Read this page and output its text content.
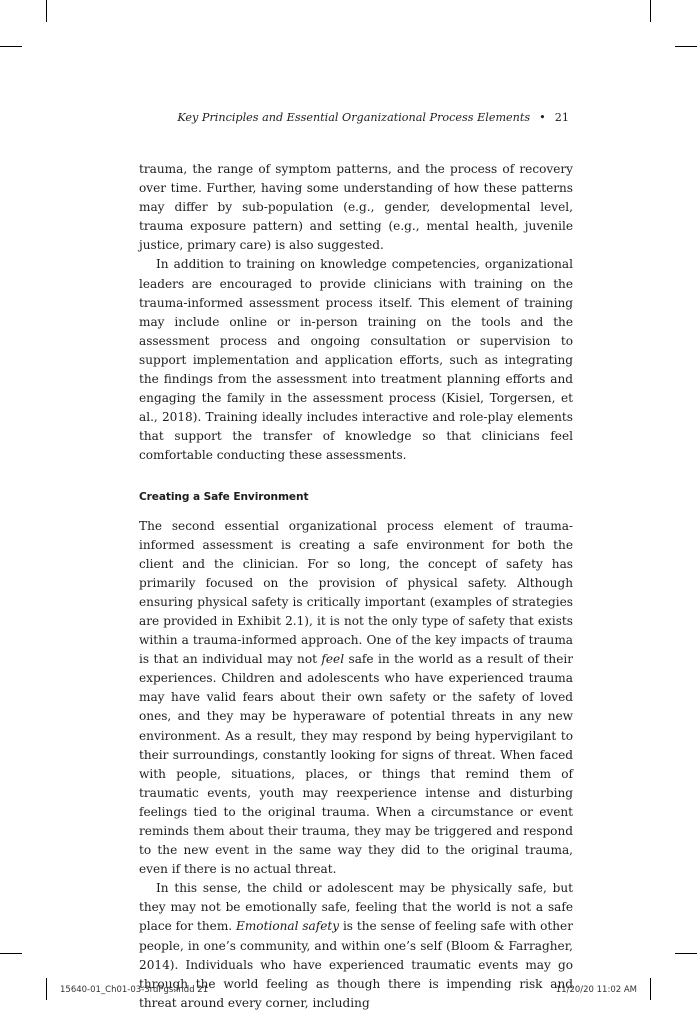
Key Principles and Essential Organizational Process Elements • 21

trauma, the range of symptom patterns, and the process of recovery over time. Further, having some understanding of how these patterns may differ by sub-population (e.g., gender, developmental level, trauma exposure pattern) and setting (e.g., mental health, juvenile justice, primary care) is also suggested.

In addition to training on knowledge competencies, organizational leaders are encouraged to provide clinicians with training on the trauma-informed assessment process itself. This element of training may include online or in-person training on the tools and the assessment process and ongoing consultation or supervision to support implementation and application efforts, such as integrating the findings from the assessment into treatment planning efforts and engaging the family in the assessment process (Kisiel, Torgersen, et al., 2018). Training ideally includes interactive and role-play elements that support the transfer of knowledge so that clinicians feel comfortable conducting these assessments.

Creating a Safe Environment

The second essential organizational process element of trauma-informed assessment is creating a safe environment for both the client and the clinician. For so long, the concept of safety has primarily focused on the provision of physical safety. Although ensuring physical safety is critically important (examples of strategies are provided in Exhibit 2.1), it is not the only type of safety that exists within a trauma-informed approach. One of the key impacts of trauma is that an individual may not feel safe in the world as a result of their experiences. Children and adolescents who have experienced trauma may have valid fears about their own safety or the safety of loved ones, and they may be hyperaware of potential threats in any new environment. As a result, they may respond by being hypervigilant to their surroundings, constantly looking for signs of threat. When faced with people, situations, places, or things that remind them of traumatic events, youth may reexperience intense and disturbing feelings tied to the original trauma. When a circumstance or event reminds them about their trauma, they may be triggered and respond to the new event in the same way they did to the original trauma, even if there is no actual threat.

In this sense, the child or adolescent may be physically safe, but they may not be emotionally safe, feeling that the world is not a safe place for them. Emotional safety is the sense of feeling safe with other people, in one’s community, and within one’s self (Bloom & Farragher, 2014). Individuals who have experienced traumatic events may go through the world feeling as though there is impending risk and threat around every corner, including

15640-01_Ch01-03-3rdPgs.indd 21	11/20/20 11:02 AM
